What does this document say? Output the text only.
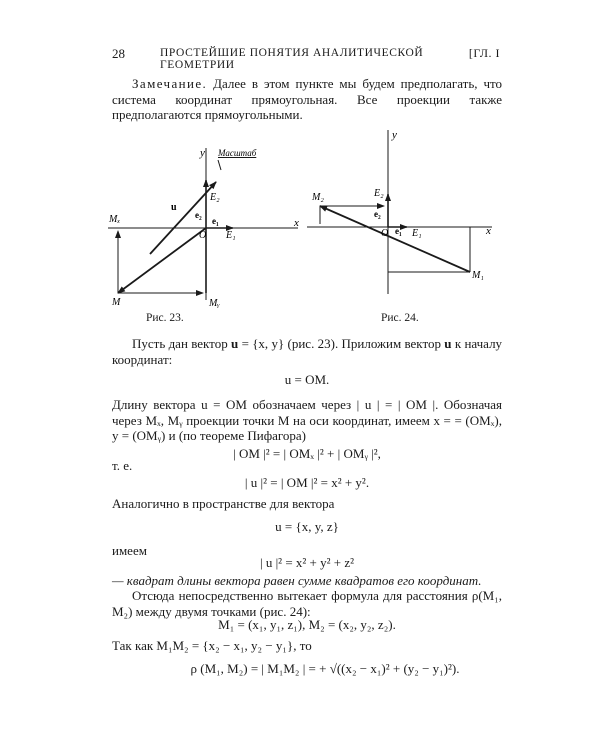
28	ПРОСТЕЙШИЕ ПОНЯТИЯ АНАЛИТИЧЕСКОЙ ГЕОМЕТРИИ
[ГЛ. I
Замечание. Далее в этом пункте мы будем предполагать, что система координат прямоугольная. Все проекции также предполагаются прямоугольными.
y Масштаб
x
u
E₂
e₂
O
e₁
E₁
Mₓ
M	Mᵧ
Рис. 23.
y
x
M₂	E₂
e₂
O e₁ E₁
M₁
Рис. 24.
Пусть дан вектор u = {x, y} (рис. 23). Приложим вектор u к началу координат:
u = OM.
Длину вектора u = OM обозначаем через | u | = | OM |. Обозначая через Mₓ, Mᵧ проекции точки M на оси координат, имеем x = = (OMₓ), y = (OMᵧ) и (по теореме Пифагора)
| OM |² = | OMₓ |² + | OMᵧ |²,
т. е.
| u |² = | OM |² = x² + y².
Аналогично в пространстве для вектора
u = {x, y, z}
имеем
| u |² = x² + y² + z²
— квадрат длины вектора равен сумме квадратов его координат.
Отсюда непосредственно вытекает формула для расстояния ρ(M₁, M₂) между двумя точками (рис. 24):
M₁ = (x₁, y₁, z₁), M₂ = (x₂, y₂, z₂).
Так как M₁M₂ = {x₂ − x₁, y₂ − y₁}, то
ρ (M₁, M₂) = | M₁M₂ | = + √((x₂ − x₁)² + (y₂ − y₁)²).
